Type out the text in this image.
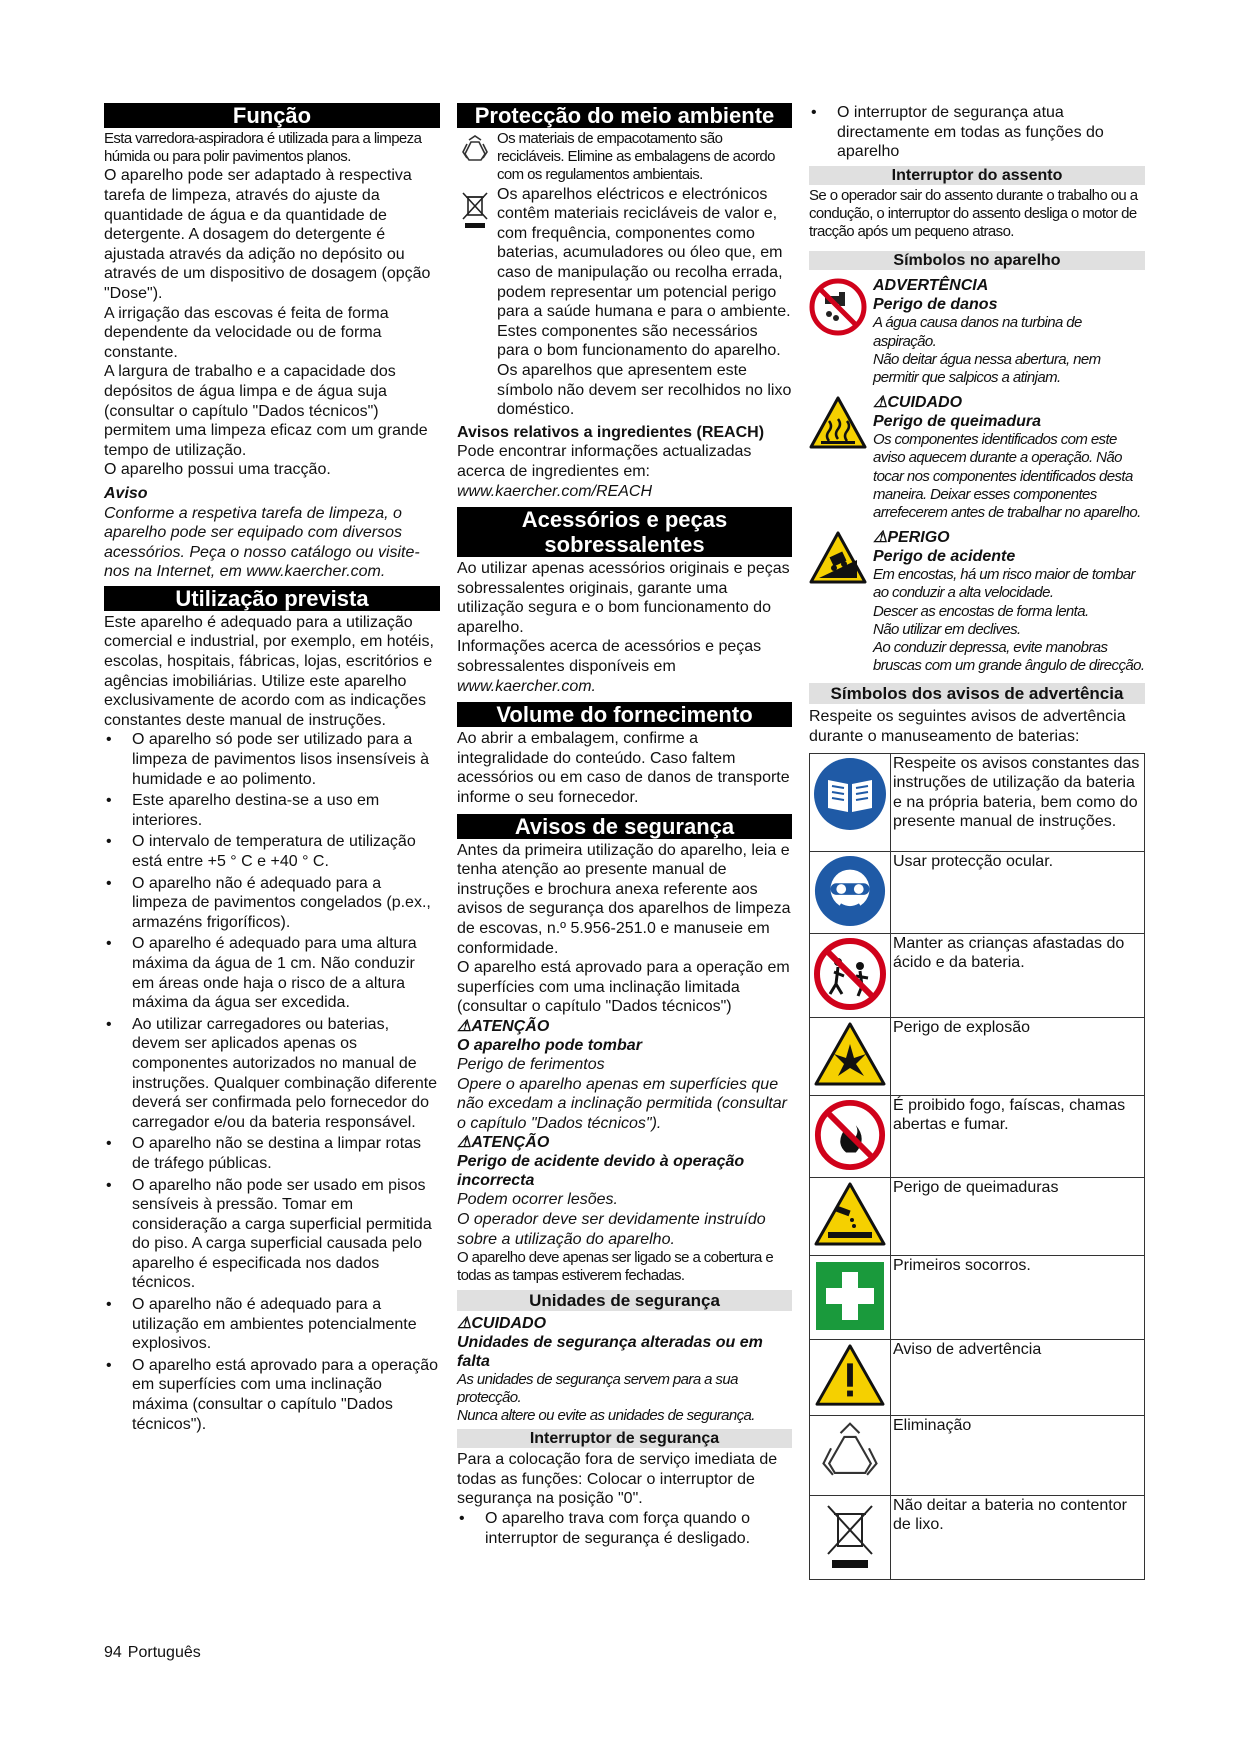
Função

Esta varredora-aspiradora é utilizada para a limpeza húmida ou para polir pavimentos planos.

O aparelho pode ser adaptado à respectiva tarefa de limpeza, através do ajuste da quantidade de água e da quantidade de detergente. A dosagem do detergente é ajustada através da adição no depósito ou através de um dispositivo de dosagem (opção "Dose").

A irrigação das escovas é feita de forma dependente da velocidade ou de forma constante.

A largura de trabalho e a capacidade dos depósitos de água limpa e de água suja (consultar o capítulo "Dados técnicos") permitem uma limpeza eficaz com um grande tempo de utilização.

O aparelho possui uma tracção.

Aviso

Conforme a respetiva tarefa de limpeza, o aparelho pode ser equipado com diversos acessórios. Peça o nosso catálogo ou visite-nos na Internet, em www.kaercher.com.

Utilização prevista

Este aparelho é adequado para a utilização comercial e industrial, por exemplo, em hotéis, escolas, hospitais, fábricas, lojas, escritórios e agências imobiliárias. Utilize este aparelho exclusivamente de acordo com as indicações constantes deste manual de instruções.

• O aparelho só pode ser utilizado para a limpeza de pavimentos lisos insensíveis à humidade e ao polimento.
• Este aparelho destina-se a uso em interiores.
• O intervalo de temperatura de utilização está entre +5 ° C e +40 ° C.
• O aparelho não é adequado para a limpeza de pavimentos congelados (p.ex., armazéns frigoríficos).
• O aparelho é adequado para uma altura máxima da água de 1 cm. Não conduzir em áreas onde haja o risco de a altura máxima da água ser excedida.
• Ao utilizar carregadores ou baterias, devem ser aplicados apenas os componentes autorizados no manual de instruções. Qualquer combinação diferente deverá ser confirmada pelo fornecedor do carregador e/ou da bateria responsável.
• O aparelho não se destina a limpar rotas de tráfego públicas.
• O aparelho não pode ser usado em pisos sensíveis à pressão. Tomar em consideração a carga superficial permitida do piso. A carga superficial causada pelo aparelho é especificada nos dados técnicos.
• O aparelho não é adequado para a utilização em ambientes potencialmente explosivos.
• O aparelho está aprovado para a operação em superfícies com uma inclinação máxima (consultar o capítulo "Dados técnicos").
Protecção do meio ambiente

Os materiais de empacotamento são recicláveis. Elimine as embalagens de acordo com os regulamentos ambientais.

Os aparelhos eléctricos e electrónicos contêm materiais recicláveis de valor e, com frequência, componentes como baterias, acumuladores ou óleo que, em caso de manipulação ou recolha errada, podem representar um potencial perigo para a saúde humana e para o ambiente. Estes componentes são necessários para o bom funcionamento do aparelho. Os aparelhos que apresentem este símbolo não devem ser recolhidos no lixo doméstico.

Avisos relativos a ingredientes (REACH)

Pode encontrar informações actualizadas acerca de ingredientes em: www.kaercher.com/REACH

Acessórios e peças sobressalentes

Ao utilizar apenas acessórios originais e peças sobressalentes originais, garante uma utilização segura e o bom funcionamento do aparelho.

Informações acerca de acessórios e peças sobressalentes disponíveis em www.kaercher.com.

Volume do fornecimento

Ao abrir a embalagem, confirme a integralidade do conteúdo. Caso faltem acessórios ou em caso de danos de transporte informe o seu fornecedor.

Avisos de segurança

Antes da primeira utilização do aparelho, leia e tenha atenção ao presente manual de instruções e brochura anexa referente aos avisos de segurança dos aparelhos de limpeza de escovas, n.º 5.956-251.0 e manuseie em conformidade.

O aparelho está aprovado para a operação em superfícies com uma inclinação limitada (consultar o capítulo "Dados técnicos")

⚠ATENÇÃO

O aparelho pode tombar

Perigo de ferimentos

Opere o aparelho apenas em superfícies que não excedam a inclinação permitida (consultar o capítulo "Dados técnicos").

⚠ATENÇÃO

Perigo de acidente devido à operação incorrecta

Podem ocorrer lesões.

O operador deve ser devidamente instruído sobre a utilização do aparelho.

O aparelho deve apenas ser ligado se a cobertura e todas as tampas estiverem fechadas.

Unidades de segurança

⚠CUIDADO

Unidades de segurança alteradas ou em falta

As unidades de segurança servem para a sua protecção.

Nunca altere ou evite as unidades de segurança.

Interruptor de segurança

Para a colocação fora de serviço imediata de todas as funções: Colocar o interruptor de segurança na posição "0".

• O aparelho trava com força quando o interruptor de segurança é desligado.
• O interruptor de segurança atua directamente em todas as funções do aparelho
Interruptor do assento

Se o operador sair do assento durante o trabalho ou a condução, o interruptor do assento desliga o motor de tracção após um pequeno atraso.

Símbolos no aparelho

ADVERTÊNCIA

Perigo de danos

A água causa danos na turbina de aspiração.

Não deitar água nessa abertura, nem permitir que salpicos a atinjam.

⚠CUIDADO

Perigo de queimadura

Os componentes identificados com este aviso aquecem durante a operação. Não tocar nos componentes identificados desta maneira. Deixar esses componentes arrefecerem antes de trabalhar no aparelho.

⚠PERIGO

Perigo de acidente

Em encostas, há um risco maior de tombar ao conduzir a alta velocidade.

Descer as encostas de forma lenta.

Não utilizar em declives.

Ao conduzir depressa, evite manobras bruscas com um grande ângulo de direcção.

Símbolos dos avisos de advertência

Respeite os seguintes avisos de advertência durante o manuseamento de baterias:

	Respeite os avisos constantes das instruções de utilização da bateria e na própria bateria, bem como do presente manual de instruções.
	Usar protecção ocular.
	Manter as crianças afastadas do ácido e da bateria.
	Perigo de explosão
	É proibido fogo, faíscas, chamas abertas e fumar.
	Perigo de queimaduras
	Primeiros socorros.
	Aviso de advertência
	Eliminação
	Não deitar a bateria no contentor de lixo.
94 Português
